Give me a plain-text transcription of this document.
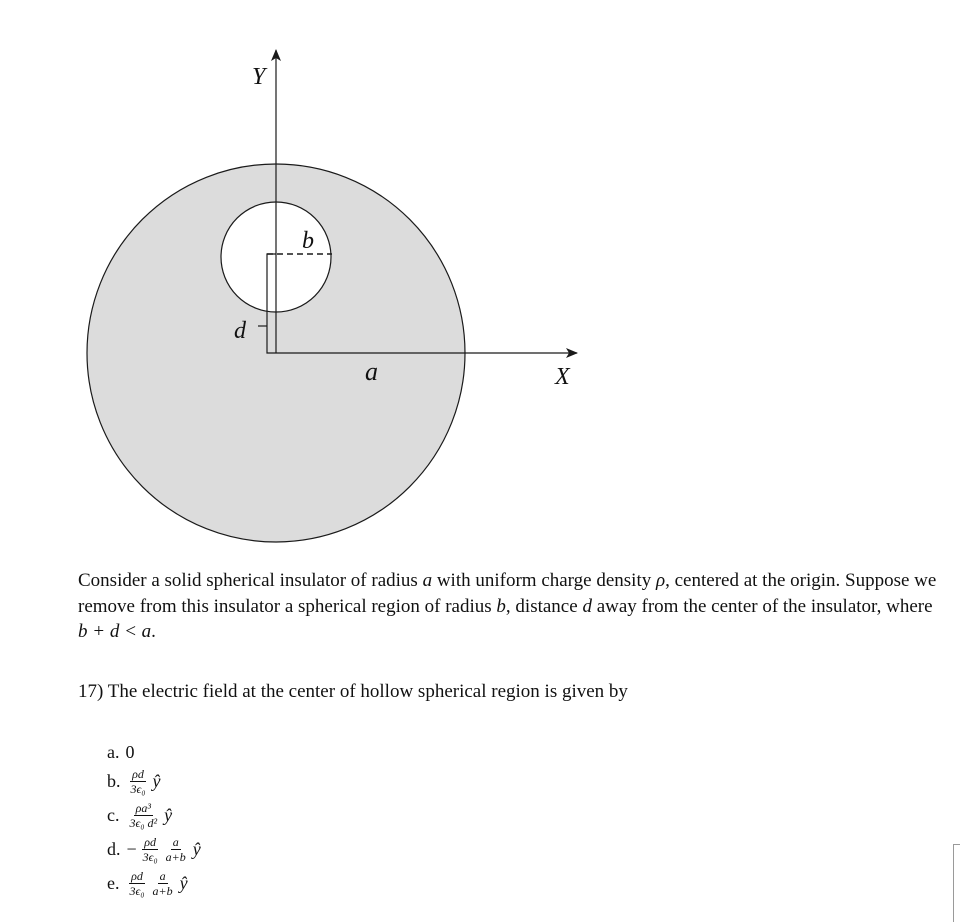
Y
X
a
b
d
Consider a solid spherical insulator of radius a with uniform charge density ρ, centered at the origin. Suppose we remove from this insulator a spherical region of radius b, distance d away from the center of the insulator, where b + d < a.
17) The electric field at the center of hollow spherical region is given by
a. 0
b. $\frac{\rho d}{\text{3ϵ₀}}$ ŷ
c. $\frac{\text{ρa³}}{\text{3ϵ₀ d²}}$ ŷ
d. − $\frac{\rho d}{\text{3ϵ₀}} \frac{a}{a+b}$ ŷ
e. $\frac{\rho d}{\text{3ϵ₀}} \frac{a}{a+b}$ ŷ
